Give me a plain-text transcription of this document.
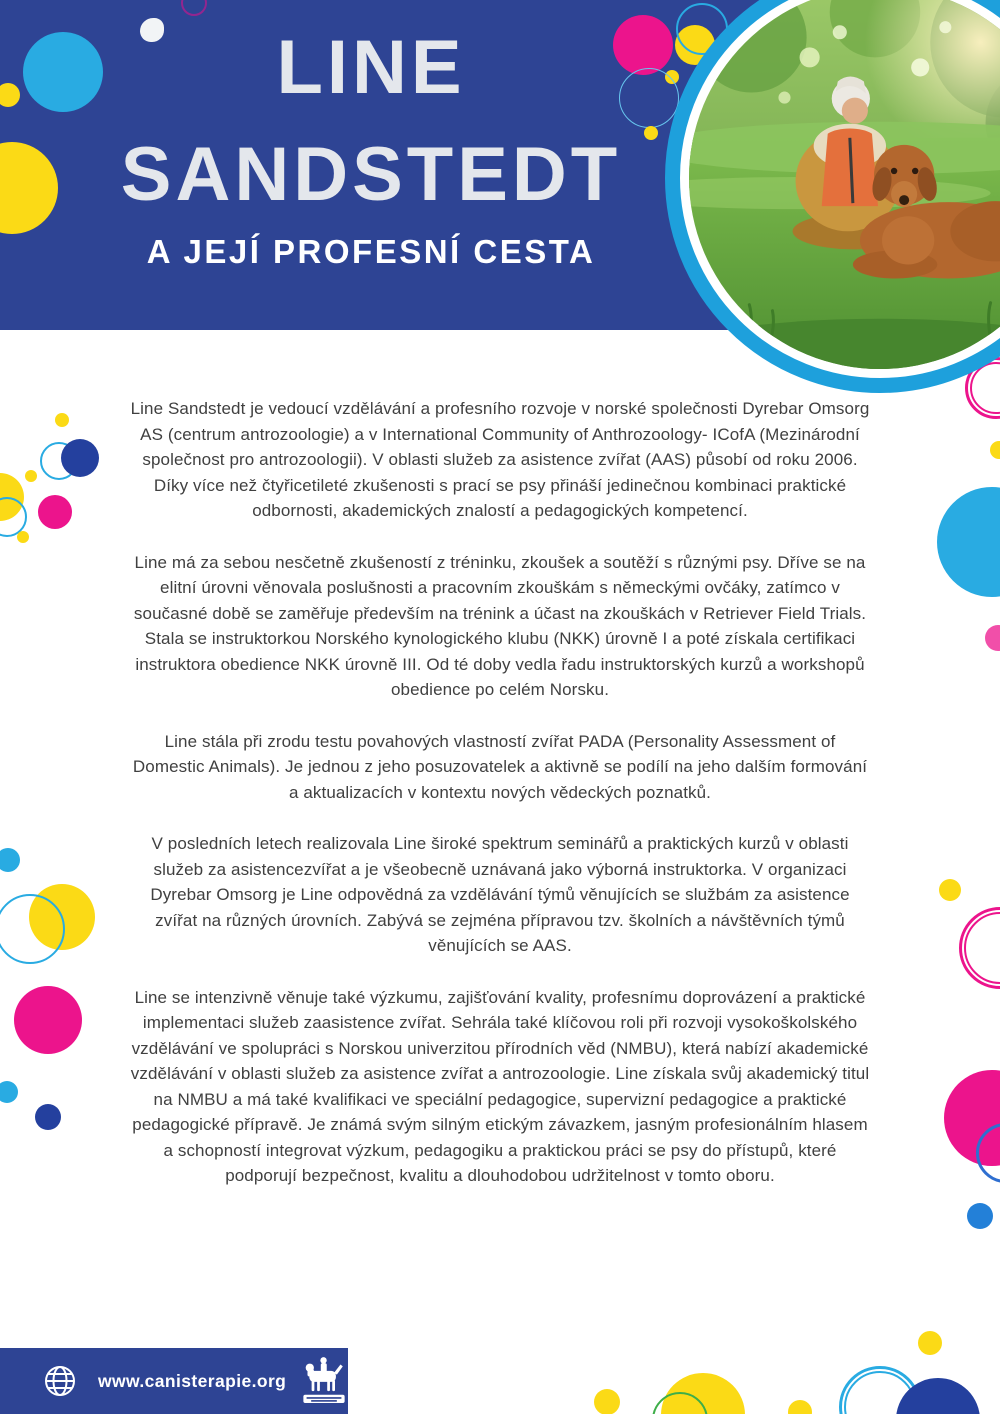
LINE
SANDSTEDT
A JEJÍ PROFESNÍ CESTA

Line Sandstedt je vedoucí vzdělávání a profesního rozvoje v norské společnosti Dyrebar Omsorg AS (centrum antrozoologie) a v International Community of Anthrozoology- ICofA (Mezinárodní společnost pro antrozoologii). V oblasti služeb za asistence zvířat (AAS) působí od roku 2006. Díky více než čtyřicetileté zkušenosti s prací se psy přináší jedinečnou kombinaci praktické odbornosti, akademických znalostí a pedagogických kompetencí.

Line má za sebou nesčetně zkušeností z tréninku, zkoušek a soutěží s různými psy. Dříve se na elitní úrovni věnovala poslušnosti a pracovním zkouškám s německými ovčáky, zatímco v současné době se zaměřuje především na trénink a účast na zkouškách v Retriever Field Trials. Stala se instruktorkou Norského kynologického klubu (NKK) úrovně I a poté získala certifikaci instruktora obedience NKK úrovně III. Od té doby vedla řadu instruktorských kurzů a workshopů obedience po celém Norsku.

Line stála při zrodu testu povahových vlastností zvířat PADA (Personality Assessment of Domestic Animals). Je jednou z jeho posuzovatelek a aktivně se podílí na jeho dalším formování a aktualizacích v kontextu nových vědeckých poznatků.

V posledních letech realizovala Line široké spektrum seminářů a praktických kurzů v oblasti služeb za asistencezvířat a je všeobecně uznávaná jako výborná instruktorka. V organizaci Dyrebar Omsorg je Line odpovědná za vzdělávání týmů věnujících se službám za asistence zvířat na různých úrovních. Zabývá se zejména přípravou tzv. školních a návštěvních týmů věnujících se AAS.

Line se intenzivně věnuje také výzkumu, zajišťování kvality, profesnímu doprovázení a praktické implementaci služeb zaasistence zvířat. Sehrála také klíčovou roli při rozvoji vysokoškolského vzdělávání ve spolupráci s Norskou univerzitou přírodních věd (NMBU), která nabízí akademické vzdělávání v oblasti služeb za asistence zvířat a antrozoologie. Line získala svůj akademický titul na NMBU a má také kvalifikaci ve speciální pedagogice, supervizní pedagogice a praktické pedagogické přípravě. Je známá svým silným etickým závazkem, jasným profesionálním hlasem a schopností integrovat výzkum, pedagogiku a praktickou práci se psy do přístupů, které podporují bezpečnost, kvalitu a dlouhodobou udržitelnost v tomto oboru.

www.canisterapie.org
